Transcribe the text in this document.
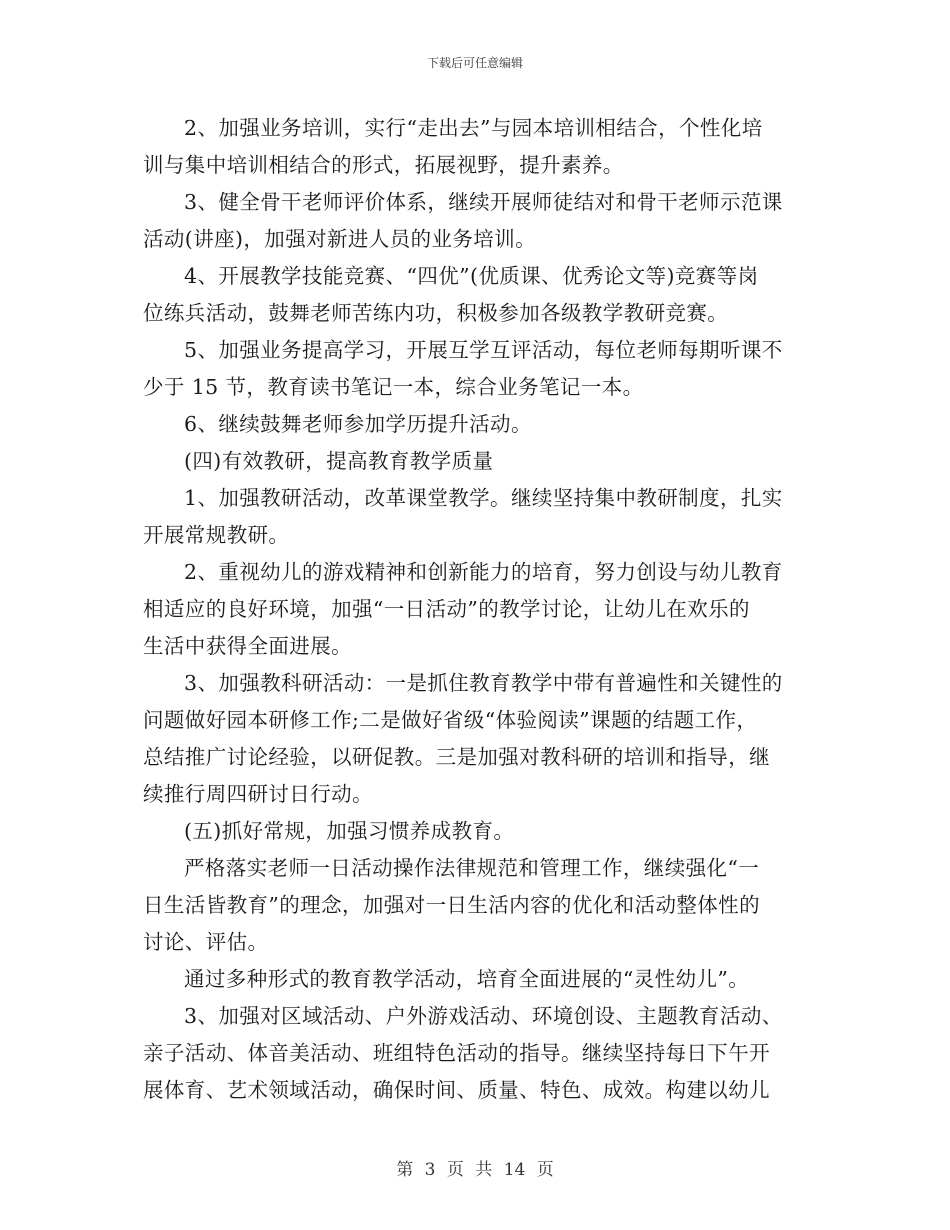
下载后可任意编辑

2、加强业务培训，实行“走出去”与园本培训相结合，个性化培
训与集中培训相结合的形式，拓展视野，提升素养。

3、健全骨干老师评价体系，继续开展师徒结对和骨干老师示范课
活动(讲座)，加强对新进人员的业务培训。

4、开展教学技能竞赛、“四优”(优质课、优秀论文等)竞赛等岗
位练兵活动，鼓舞老师苦练内功，积极参加各级教学教研竞赛。

5、加强业务提高学习，开展互学互评活动，每位老师每期听课不
少于 15 节，教育读书笔记一本，综合业务笔记一本。

6、继续鼓舞老师参加学历提升活动。

(四)有效教研，提高教育教学质量

1、加强教研活动，改革课堂教学。继续坚持集中教研制度，扎实
开展常规教研。

2、重视幼儿的游戏精神和创新能力的培育，努力创设与幼儿教育
相适应的良好环境，加强“一日活动”的教学讨论，让幼儿在欢乐的
生活中获得全面进展。

3、加强教科研活动：一是抓住教育教学中带有普遍性和关键性的
问题做好园本研修工作;二是做好省级“体验阅读”课题的结题工作，
总结推广讨论经验，以研促教。三是加强对教科研的培训和指导，继
续推行周四研讨日行动。

(五)抓好常规，加强习惯养成教育。

严格落实老师一日活动操作法律规范和管理工作，继续强化“一
日生活皆教育”的理念，加强对一日生活内容的优化和活动整体性的
讨论、评估。

通过多种形式的教育教学活动，培育全面进展的“灵性幼儿”。

3、加强对区域活动、户外游戏活动、环境创设、主题教育活动、
亲子活动、体音美活动、班组特色活动的指导。继续坚持每日下午开
展体育、艺术领域活动，确保时间、质量、特色、成效。构建以幼儿

第 3 页 共 14 页
